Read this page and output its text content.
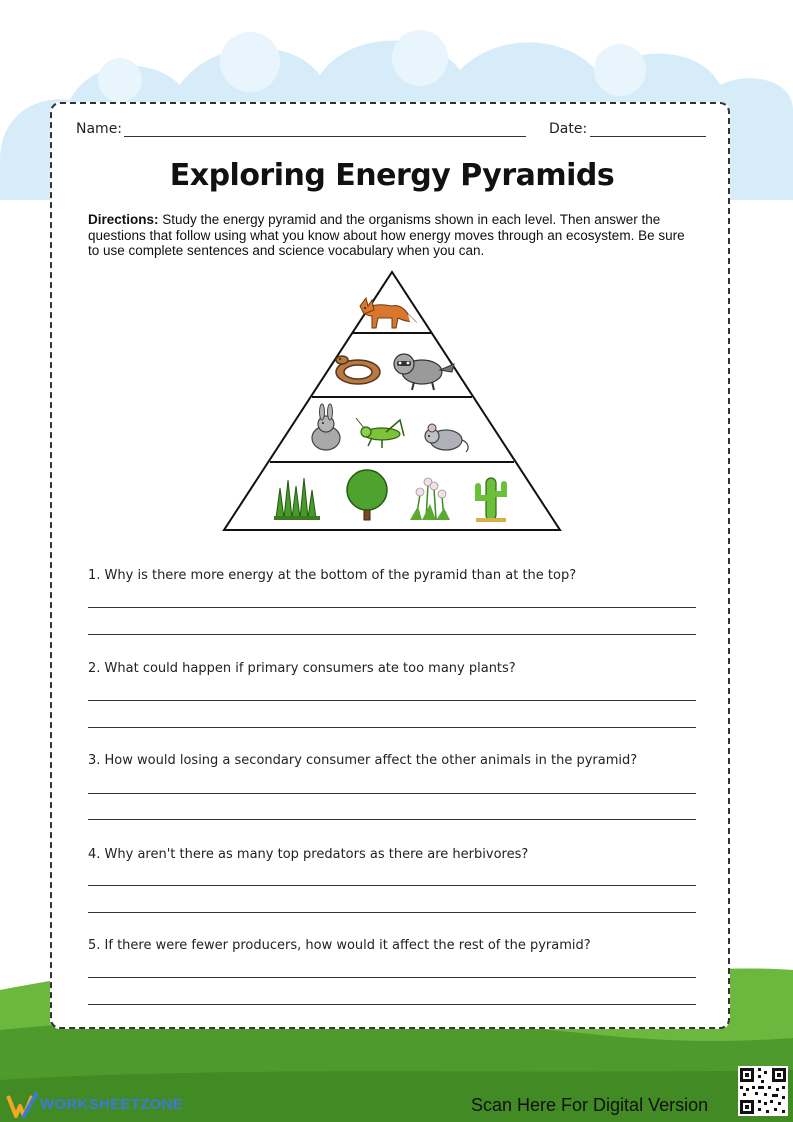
Name:	Date:
Exploring Energy Pyramids
Directions: Study the energy pyramid and the organisms shown in each level. Then answer the questions that follow using what you know about how energy moves through an ecosystem. Be sure to use complete sentences and science vocabulary when you can.
1. Why is there more energy at the bottom of the pyramid than at the top?
2. What could happen if primary consumers ate too many plants?
3. How would losing a secondary consumer affect the other animals in the pyramid?
4. Why aren't there as many top predators as there are herbivores?
5. If there were fewer producers, how would it affect the rest of the pyramid?
WORKSHEETZONE	Scan Here For Digital Version
